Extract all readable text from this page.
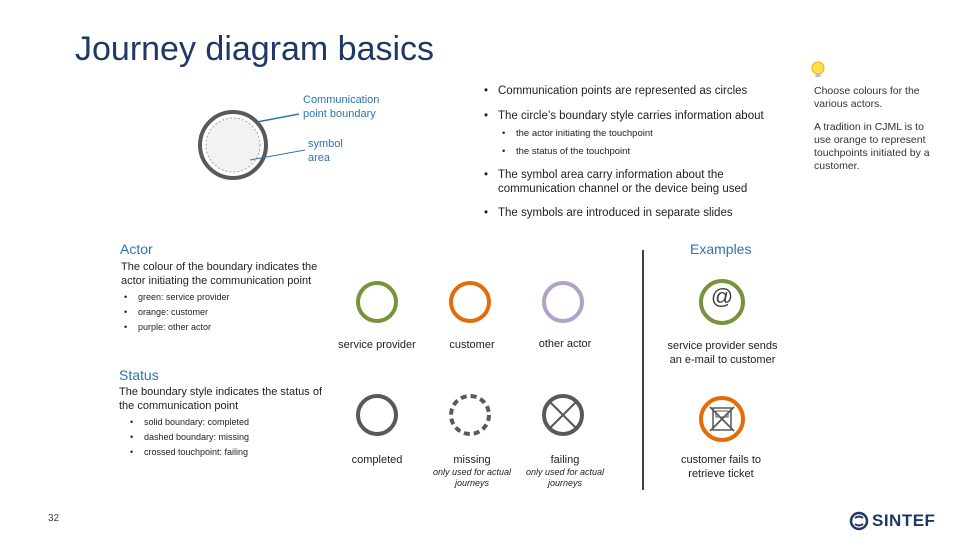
Journey diagram basics
Communication point boundary
symbol area
• Communication points are represented as circles
• The circle’s boundary style carries information about
• the actor initiating the touchpoint
• the status of the touchpoint
• The symbol area carry information about the communication channel or the device being used
• The symbols are introduced in separate slides
Choose colours for the various actors.
A tradition in CJML is to use orange to represent touchpoints initiated by a customer.
Actor
The colour of the boundary indicates the actor initiating the communication point
• green: service provider
• orange: customer
• purple: other actor
service provider	customer	other actor
Status
The boundary style indicates the status of the communication point
• solid boundary: completed
• dashed boundary: missing
• crossed touchpoint: failing
completed	missing	failing
only used for actual journeys
only used for actual journeys
Examples
@
service provider sends an e-mail to customer
customer fails to retrieve ticket
32	SINTEF
